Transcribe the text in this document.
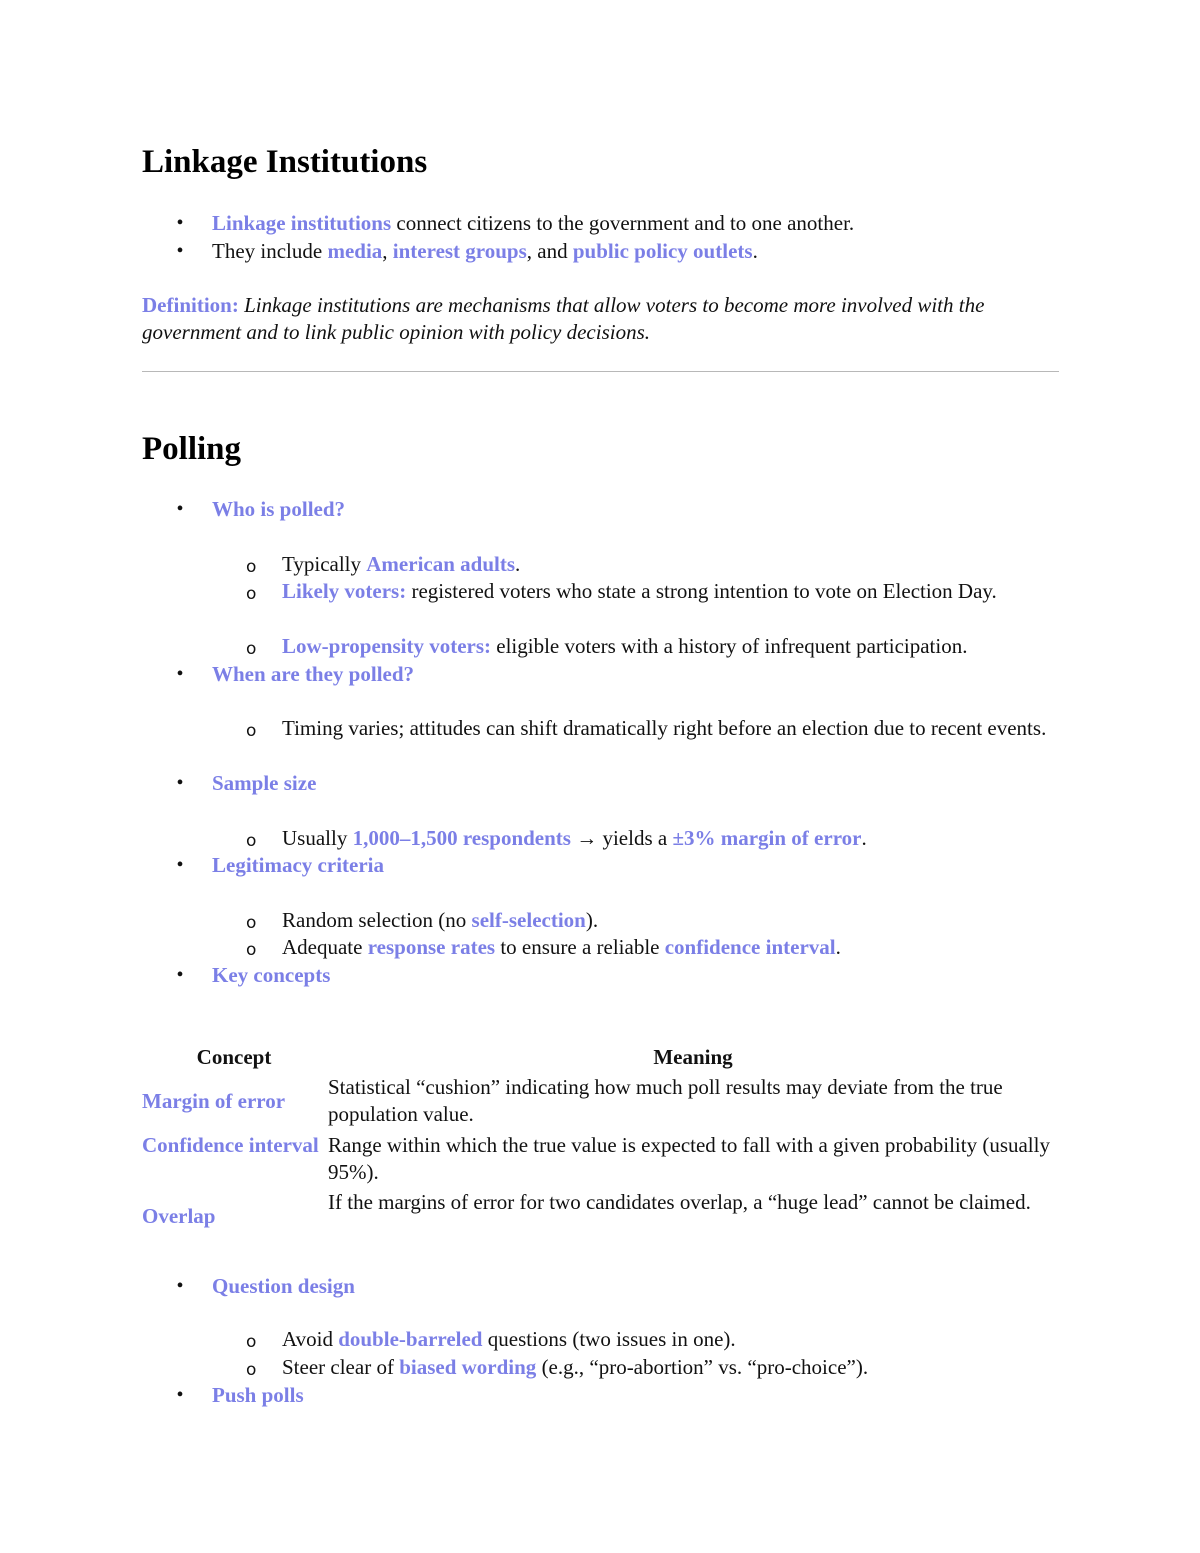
Linkage Institutions
• Linkage institutions connect citizens to the government and to one another.
• They include media, interest groups, and public policy outlets.
Definition: Linkage institutions are mechanisms that allow voters to become more involved with the government and to link public opinion with policy decisions.
Polling
• Who is polled?
o Typically American adults.
o Likely voters: registered voters who state a strong intention to vote on Election Day.
o Low-propensity voters: eligible voters with a history of infrequent participation.
• When are they polled?
o Timing varies; attitudes can shift dramatically right before an election due to recent events.
• Sample size
o Usually 1,000–1,500 respondents → yields a ±3% margin of error.
• Legitimacy criteria
o Random selection (no self-selection).
o Adequate response rates to ensure a reliable confidence interval.
• Key concepts
Concept	Meaning
Margin of error
Statistical “cushion” indicating how much poll results may deviate from the true population value.
Confidence interval Range within which the true value is expected to fall with a given probability (usually 95%).
Overlap
If the margins of error for two candidates overlap, a “huge lead” cannot be claimed.
• Question design
o Avoid double-barreled questions (two issues in one).
o Steer clear of biased wording (e.g., “pro-abortion” vs. “pro-choice”).
• Push polls
